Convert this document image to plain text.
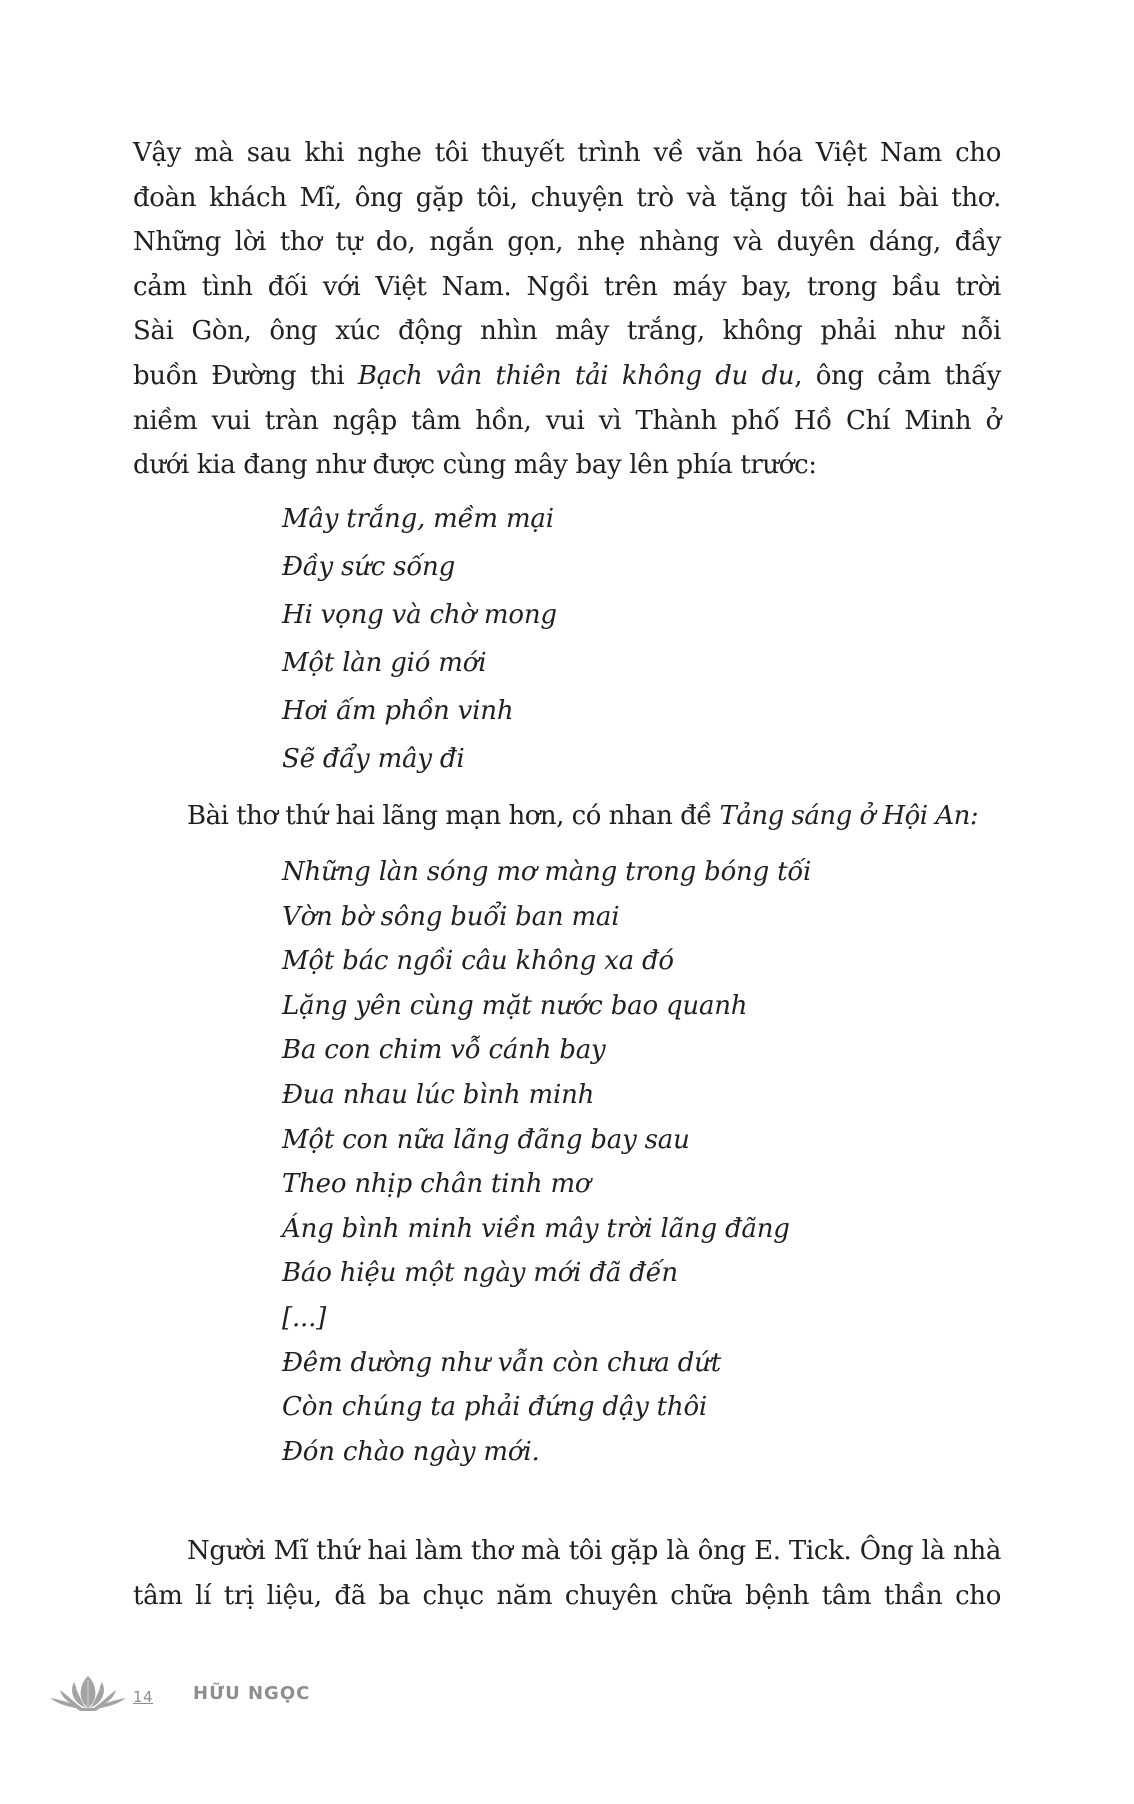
Vậy mà sau khi nghe tôi thuyết trình về văn hóa Việt Nam cho
đoàn khách Mĩ, ông gặp tôi, chuyện trò và tặng tôi hai bài thơ.
Những lời thơ tự do, ngắn gọn, nhẹ nhàng và duyên dáng, đầy
cảm tình đối với Việt Nam. Ngồi trên máy bay, trong bầu trời
Sài Gòn, ông xúc động nhìn mây trắng, không phải như nỗi
buồn Đường thi Bạch vân thiên tải không du du, ông cảm thấy
niềm vui tràn ngập tâm hồn, vui vì Thành phố Hồ Chí Minh ở
dưới kia đang như được cùng mây bay lên phía trước:
Mây trắng, mềm mại
Đầy sức sống
Hi vọng và chờ mong
Một làn gió mới
Hơi ấm phồn vinh
Sẽ đẩy mây đi
Bài thơ thứ hai lãng mạn hơn, có nhan đề Tảng sáng ở Hội An:
Những làn sóng mơ màng trong bóng tối
Vờn bờ sông buổi ban mai
Một bác ngồi câu không xa đó
Lặng yên cùng mặt nước bao quanh
Ba con chim vỗ cánh bay
Đua nhau lúc bình minh
Một con nữa lãng đãng bay sau
Theo nhịp chân tinh mơ
Áng bình minh viền mây trời lãng đãng
Báo hiệu một ngày mới đã đến
[...]
Đêm dường như vẫn còn chưa dứt
Còn chúng ta phải đứng dậy thôi
Đón chào ngày mới.
Người Mĩ thứ hai làm thơ mà tôi gặp là ông E. Tick. Ông là nhà
tâm lí trị liệu, đã ba chục năm chuyên chữa bệnh tâm thần cho
14 HỮU NGỌC
